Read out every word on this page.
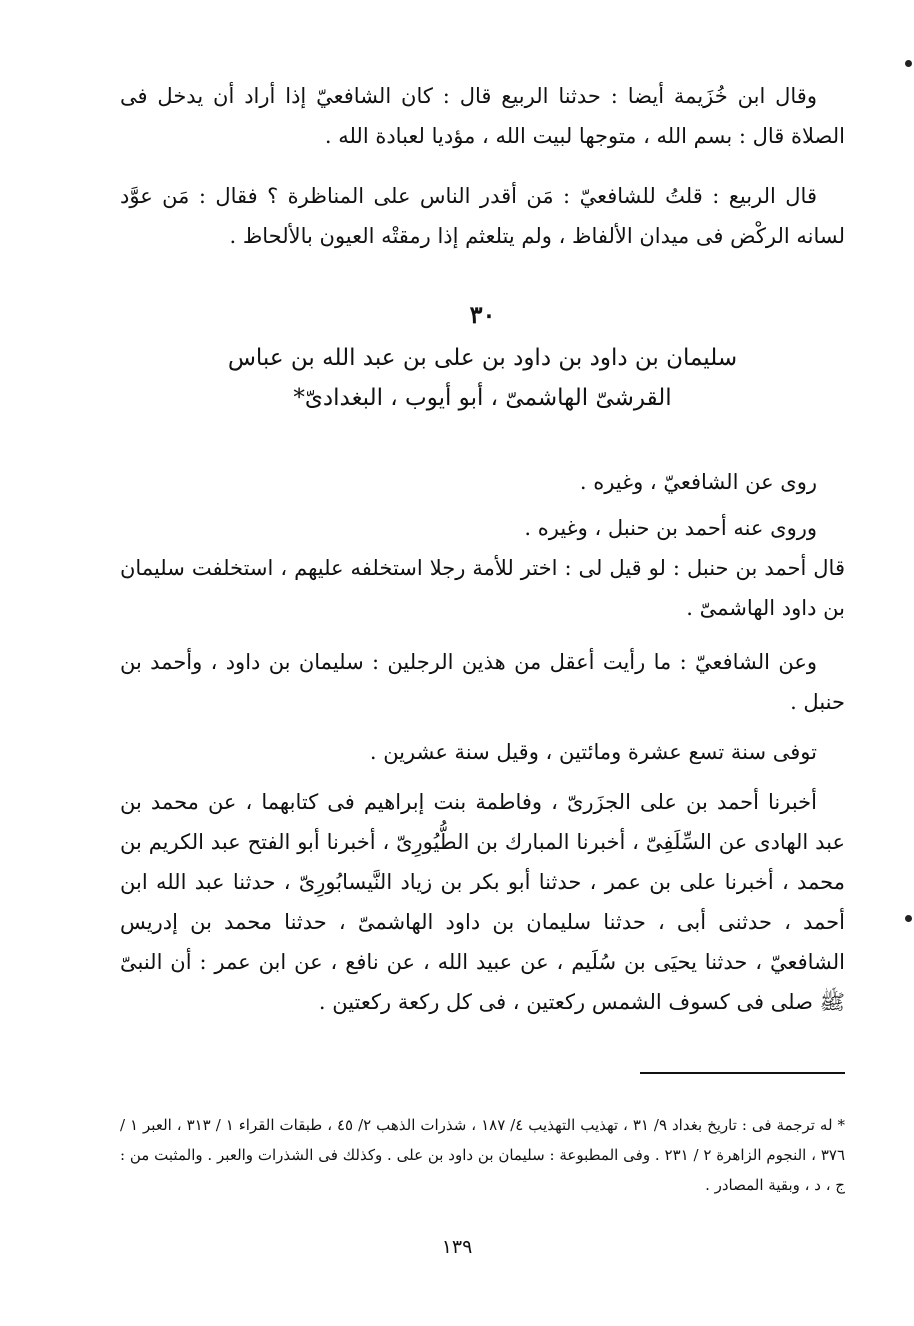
وقال ابن خُزَيمة أيضا : حدثنا الربيع قال : كان الشافعيّ إذا أراد أن يدخل فى الصلاة قال : بسم الله ، متوجها لبيت الله ، مؤديا لعبادة الله .

قال الربيع : قلتُ للشافعيّ : مَن أقدر الناس على المناظرة ؟ فقال : مَن عوَّد لسانه الركْض فى ميدان الألفاظ ، ولم يتلعثم إذا رمقتْه العيون بالألحاظ .

٣٠
سليمان بن داود بن داود بن على بن عبد الله بن عباس
القرشىّ الهاشمىّ ، أبو أيوب ، البغدادىّ*

روى عن الشافعيّ ، وغيره .

وروى عنه أحمد بن حنبل ، وغيره .

قال أحمد بن حنبل : لو قيل لى : اختر للأمة رجلا استخلفه عليهم ، استخلفت سليمان بن داود الهاشمىّ .

وعن الشافعيّ : ما رأيت أعقل من هذين الرجلين : سليمان بن داود ، وأحمد بن حنبل .

توفى سنة تسع عشرة ومائتين ، وقيل سنة عشرين .

أخبرنا أحمد بن على الجزَرىّ ، وفاطمة بنت إبراهيم فى كتابهما ، عن محمد بن عبد الهادى عن السِّلَفِىّ ، أخبرنا المبارك بن الطُّيُورِىّ ، أخبرنا أبو الفتح عبد الكريم بن محمد ، أخبرنا على بن عمر ، حدثنا أبو بكر بن زياد النَّيسابُورِىّ ، حدثنا عبد الله ابن أحمد ، حدثنى أبى ، حدثنا سليمان بن داود الهاشمىّ ، حدثنا محمد بن إدريس الشافعيّ ، حدثنا يحيَى بن سُلَيم ، عن عبيد الله ، عن نافع ، عن ابن عمر : أن النبىّ ﷺ صلى فى كسوف الشمس ركعتين ، فى كل ركعة ركعتين .

* له ترجمة فى : تاريخ بغداد ٩/ ٣١ ، تهذيب التهذيب ٤/ ١٨٧ ، شذرات الذهب ٢/ ٤٥ ، طبقات القراء ١ / ٣١٣ ، العبر ١ / ٣٧٦ ، النجوم الزاهرة ٢ / ٢٣١ . وفى المطبوعة : سليمان بن داود بن على . وكذلك فى الشذرات والعبر . والمثبت من : ج ، د ، وبقية المصادر .

١٣٩
